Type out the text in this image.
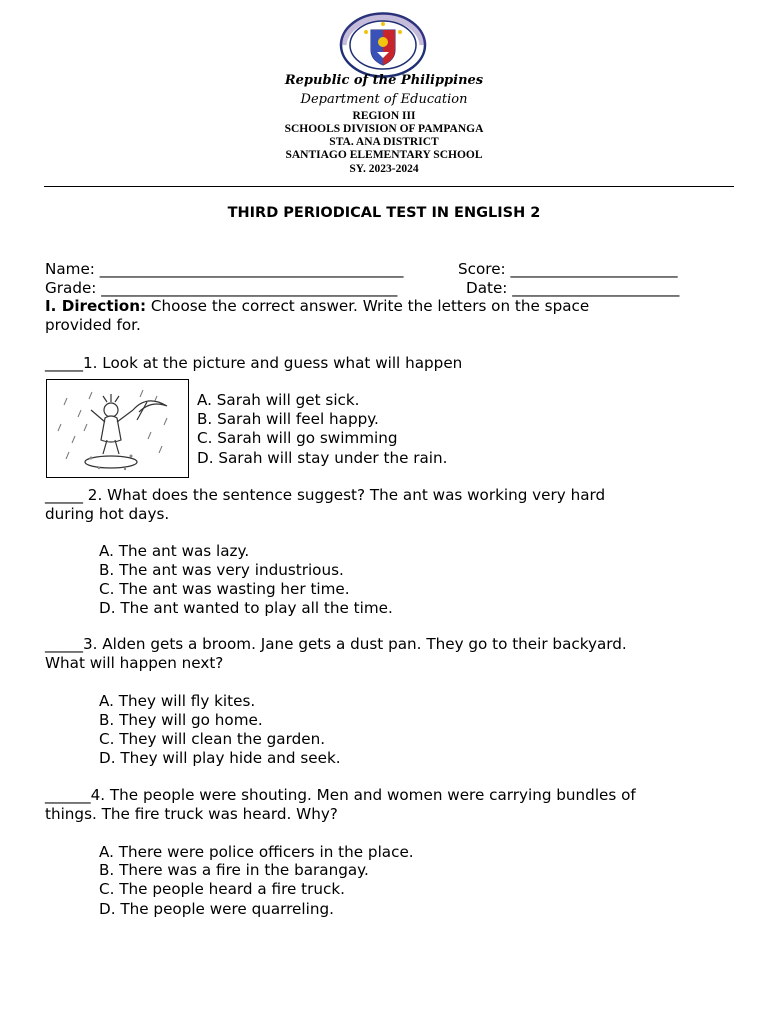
Republic of the Philippines
Department of Education
REGION III
SCHOOLS DIVISION OF PAMPANGA
STA. ANA DISTRICT
SANTIAGO ELEMENTARY SCHOOL
SY. 2023-2024
THIRD PERIODICAL TEST IN ENGLISH 2
Name: ________________________________________	Score: ______________________
Grade: _______________________________________	Date: ______________________
I. Direction: Choose the correct answer. Write the letters on the space
provided for.
_____1. Look at the picture and guess what will happen
A. Sarah will get sick.
B. Sarah will feel happy.
C. Sarah will go swimming
D. Sarah will stay under the rain.
_____ 2. What does the sentence suggest? The ant was working very hard
during hot days.
A. The ant was lazy.
B. The ant was very industrious.
C. The ant was wasting her time.
D. The ant wanted to play all the time.
_____3. Alden gets a broom. Jane gets a dust pan. They go to their backyard.
What will happen next?
A. They will fly kites.
B. They will go home.
C. They will clean the garden.
D. They will play hide and seek.
______4. The people were shouting. Men and women were carrying bundles of
things. The fire truck was heard. Why?
A. There were police officers in the place.
B. There was a fire in the barangay.
C. The people heard a fire truck.
D. The people were quarreling.
